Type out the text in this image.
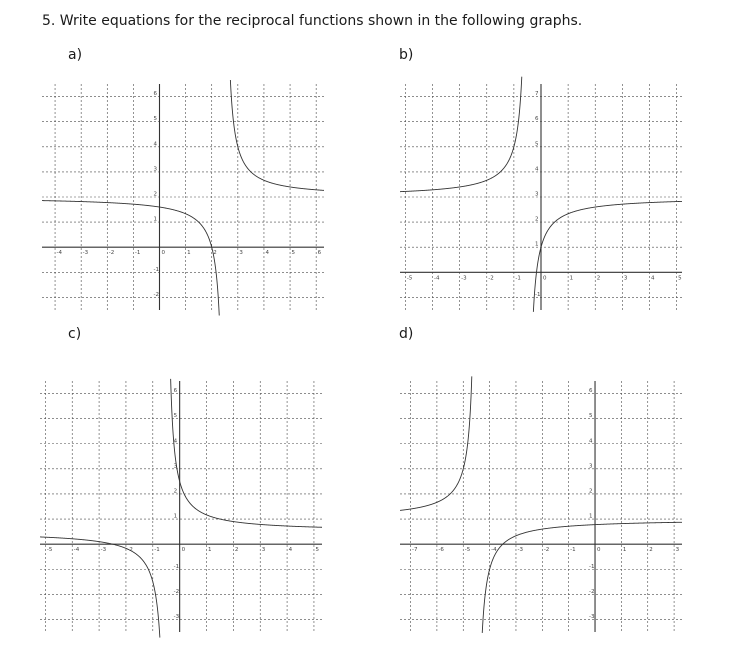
5. Write equations for the reciprocal functions shown in the following graphs.
a)	b)
c)	d)
-4	-3	-2	-1	1	2	3	4	5	6
-2
-1
1
2
3
4
5
6
0
-5	-4	-3	-2	-1	1	2	3	4	5
-1
1
2
3
4
5
6
7
0
-5	-4	-3	-2	-1	1	2	3	4	5
-3
-2
-1
1
2
3
4
5
6
0	-7	-6	-5	-4	-3	-2	-1	1	2	3
-3
-2
-1
1
2
3
4
5
6
0
